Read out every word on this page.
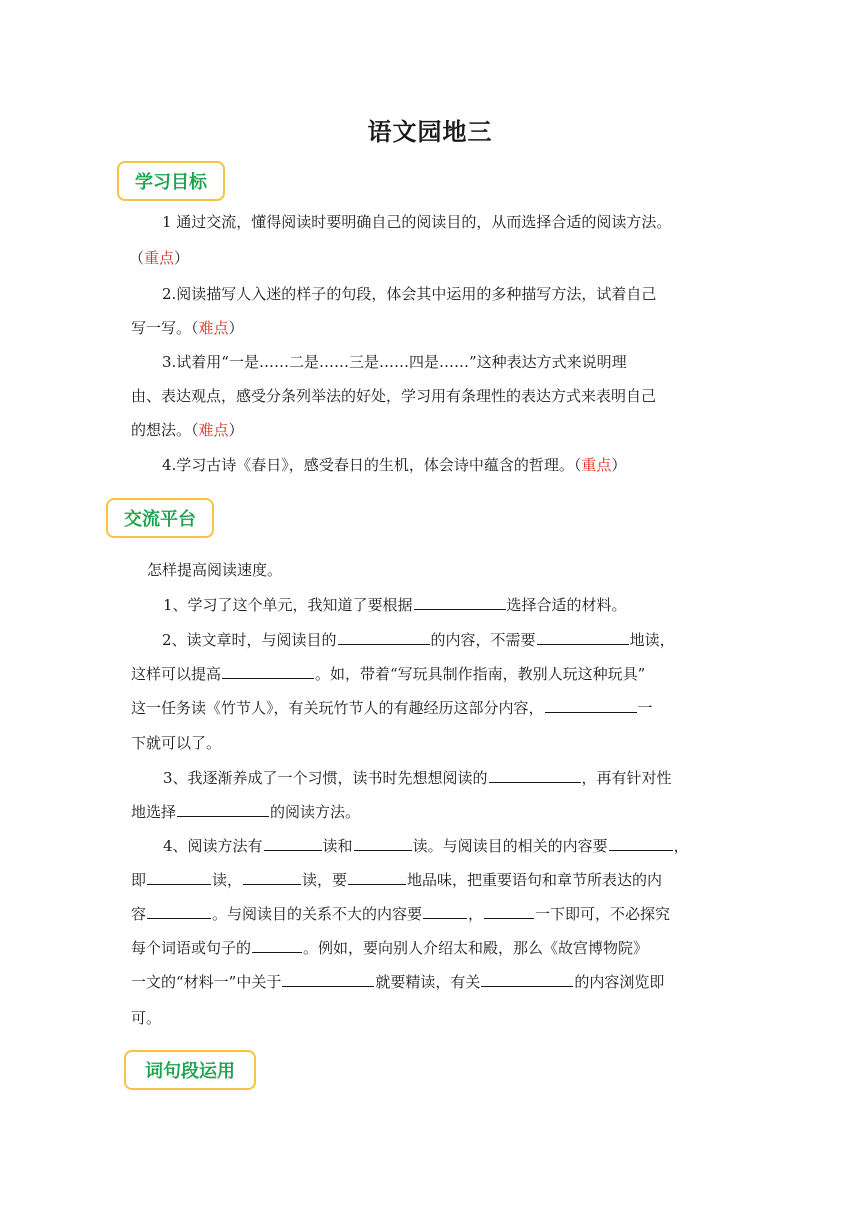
语文园地三
学习目标
1 通过交流，懂得阅读时要明确自己的阅读目的，从而选择合适的阅读方法。
（重点）
2.阅读描写人入迷的样子的句段，体会其中运用的多种描写方法，试着自己
写一写。（难点）
3.试着用“一是……二是……三是……四是……”这种表达方式来说明理
由、表达观点，感受分条列举法的好处，学习用有条理性的表达方式来表明自己
的想法。（难点）
4.学习古诗《春日》，感受春日的生机，体会诗中蕴含的哲理。（重点）
交流平台
怎样提高阅读速度。
1、学习了这个单元，我知道了要根据	选择合适的材料。
2、读文章时，与阅读目的	的内容，不需要	地读，
这样可以提高	。如，带着“写玩具制作指南，教别人玩这种玩具”
这一任务读《竹节人》，有关玩竹节人的有趣经历这部分内容，	一
下就可以了。
3、我逐渐养成了一个习惯，读书时先想想阅读的	，再有针对性
地选择	的阅读方法。
4、阅读方法有	读和	读。与阅读目的相关的内容要	，
即	读，	读，要	地品味，把重要语句和章节所表达的内
容	。与阅读目的关系不大的内容要	，	一下即可，不必探究
每个词语或句子的	。例如，要向别人介绍太和殿，那么《故宫博物院》
一文的“材料一”中关于	就要精读，有关	的内容浏览即
可。
词句段运用
